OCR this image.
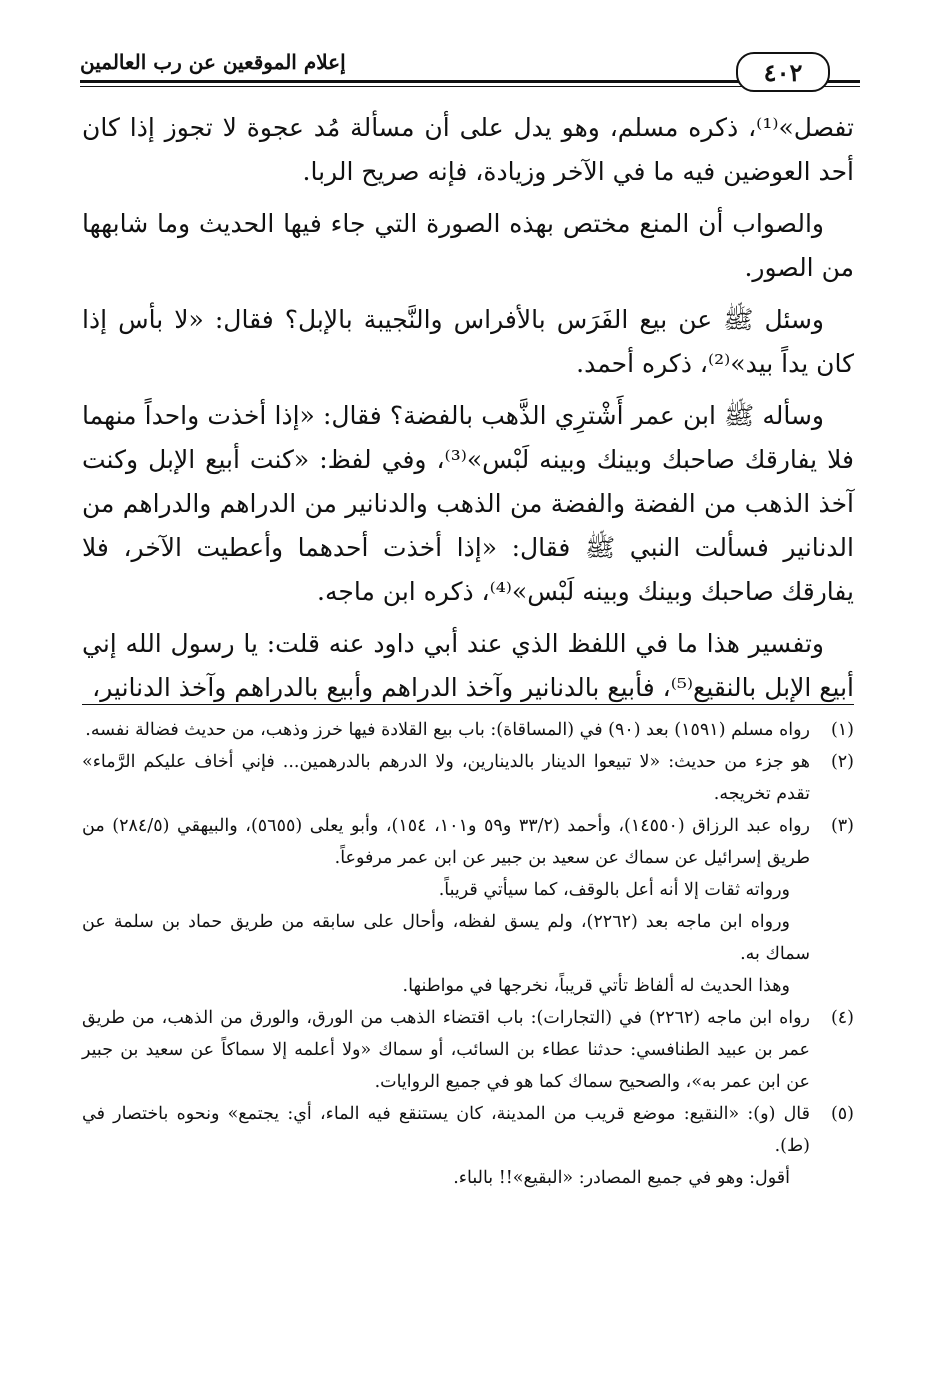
٤٠٢
إعلام الموقعين عن رب العالمين

تفصل»⁽¹⁾، ذكره مسلم، وهو يدل على أن مسألة مُد عجوة لا تجوز إذا كان أحد العوضين فيه ما في الآخر وزيادة، فإنه صريح الربا.

والصواب أن المنع مختص بهذه الصورة التي جاء فيها الحديث وما شابهها من الصور.

وسئل ﷺ عن بيع الفَرَس بالأفراس والنَّجيبة بالإبل؟ فقال: «لا بأس إذا كان يداً بيد»⁽²⁾، ذكره أحمد.

وسأله ﷺ ابن عمر أَشْترِي الذَّهب بالفضة؟ فقال: «إذا أخذت واحداً منهما فلا يفارقك صاحبك وبينك وبينه لَبْس»⁽³⁾، وفي لفظ: «كنت أبيع الإبل وكنت آخذ الذهب من الفضة والفضة من الذهب والدنانير من الدراهم والدراهم من الدنانير فسألت النبي ﷺ فقال: «إذا أخذت أحدهما وأعطيت الآخر، فلا يفارقك صاحبك وبينك وبينه لَبْس»⁽⁴⁾، ذكره ابن ماجه.

وتفسير هذا ما في اللفظ الذي عند أبي داود عنه قلت: يا رسول الله إني أبيع الإبل بالنقيع⁽⁵⁾، فأبيع بالدنانير وآخذ الدراهم وأبيع بالدراهم وآخذ الدنانير،

(١)
رواه مسلم (١٥٩١) بعد (٩٠) في (المساقاة): باب بيع القلادة فيها خرز وذهب، من حديث فضالة نفسه.
(٢)
هو جزء من حديث: «لا تبيعوا الدينار بالدينارين، ولا الدرهم بالدرهمين... فإني أخاف عليكم الرَّماء» تقدم تخريجه.
(٣)
رواه عبد الرزاق (١٤٥٥٠)، وأحمد (٣٣/٢ و٥٩ و١٠١، ١٥٤)، وأبو يعلى (٥٦٥٥)، والبيهقي (٢٨٤/٥) من طريق إسرائيل عن سماك عن سعيد بن جبير عن ابن عمر مرفوعاً.
ورواته ثقات إلا أنه أعل بالوقف، كما سيأتي قريباً.
ورواه ابن ماجه بعد (٢٢٦٢)، ولم يسق لفظه، وأحال على سابقه من طريق حماد بن سلمة عن سماك به.
وهذا الحديث له ألفاظ تأتي قريباً، نخرجها في مواطنها.
(٤)
رواه ابن ماجه (٢٢٦٢) في (التجارات): باب اقتضاء الذهب من الورق، والورق من الذهب، من طريق عمر بن عبيد الطنافسي: حدثنا عطاء بن السائب، أو سماك «ولا أعلمه إلا سماكاً عن سعيد بن جبير عن ابن عمر به»، والصحيح سماك كما هو في جميع الروايات.
(٥)
قال (و): «النقيع: موضع قريب من المدينة، كان يستنقع فيه الماء، أي: يجتمع» ونحوه باختصار في (ط).
أقول: وهو في جميع المصادر: «البقيع»!! بالباء.
